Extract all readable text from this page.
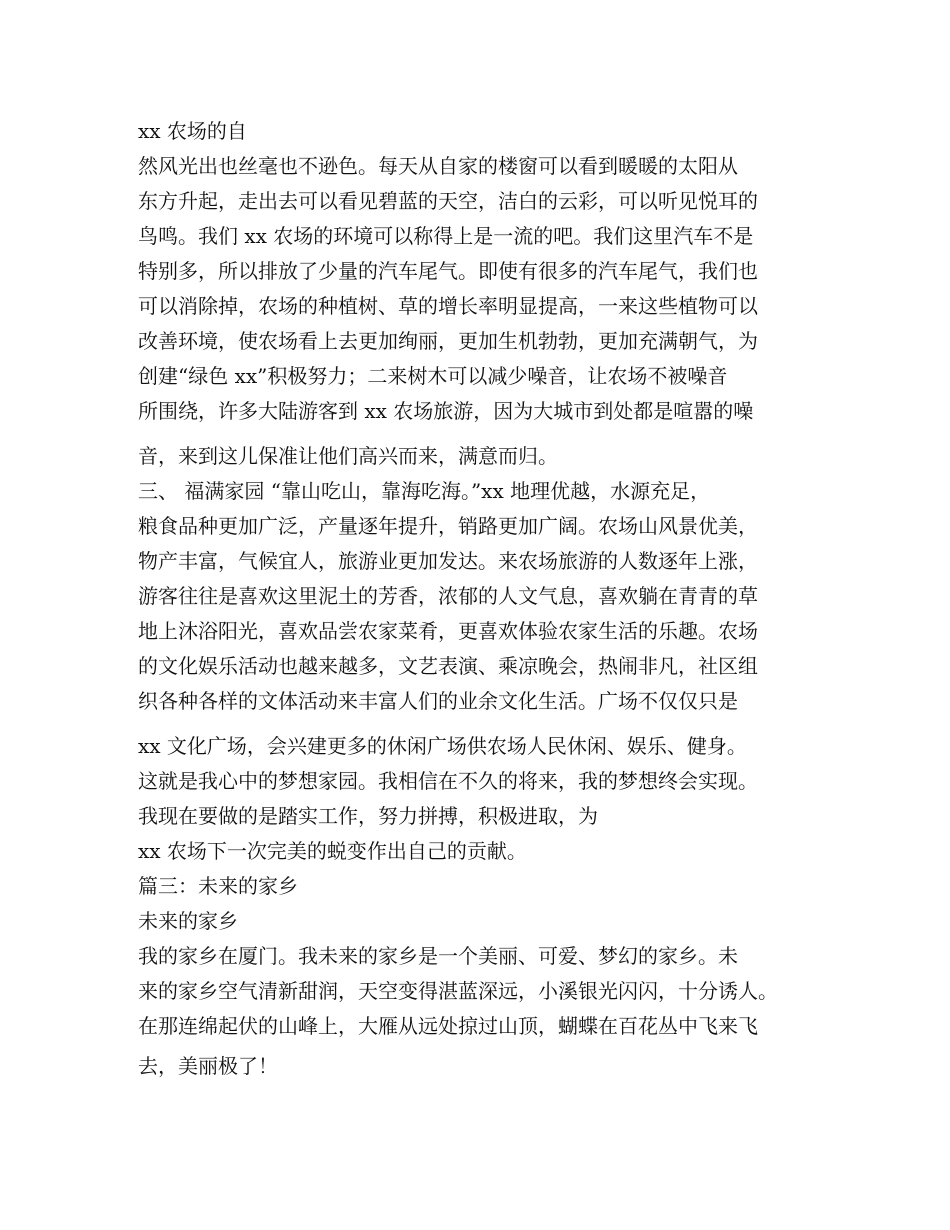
xx 农场的自
然风光出也丝毫也不逊色。每天从自家的楼窗可以看到暖暖的太阳从
东方升起，走出去可以看见碧蓝的天空，洁白的云彩，可以听见悦耳的
鸟鸣。我们 xx 农场的环境可以称得上是一流的吧。我们这里汽车不是
特别多，所以排放了少量的汽车尾气。即使有很多的汽车尾气，我们也
可以消除掉，农场的种植树、草的增长率明显提高，一来这些植物可以
改善环境，使农场看上去更加绚丽，更加生机勃勃，更加充满朝气，为
创建“绿色 xx”积极努力；二来树木可以减少噪音，让农场不被噪音
所围绕，许多大陆游客到 xx 农场旅游，因为大城市到处都是喧嚣的噪
音，来到这儿保准让他们高兴而来，满意而归。
三、 福满家园 “靠山吃山，靠海吃海。”xx 地理优越，水源充足，
粮食品种更加广泛，产量逐年提升，销路更加广阔。农场山风景优美，
物产丰富，气候宜人，旅游业更加发达。来农场旅游的人数逐年上涨，
游客往往是喜欢这里泥土的芳香，浓郁的人文气息，喜欢躺在青青的草
地上沐浴阳光，喜欢品尝农家菜肴，更喜欢体验农家生活的乐趣。农场
的文化娱乐活动也越来越多，文艺表演、乘凉晚会，热闹非凡，社区组
织各种各样的文体活动来丰富人们的业余文化生活。广场不仅仅只是
xx 文化广场，会兴建更多的休闲广场供农场人民休闲、娱乐、健身。
这就是我心中的梦想家园。我相信在不久的将来，我的梦想终会实现。
我现在要做的是踏实工作，努力拼搏，积极进取，为
xx 农场下一次完美的蜕变作出自己的贡献。
篇三：未来的家乡
未来的家乡
我的家乡在厦门。我未来的家乡是一个美丽、可爱、梦幻的家乡。未
来的家乡空气清新甜润，天空变得湛蓝深远，小溪银光闪闪，十分诱人。
在那连绵起伏的山峰上，大雁从远处掠过山顶，蝴蝶在百花丛中飞来飞
去，美丽极了！
